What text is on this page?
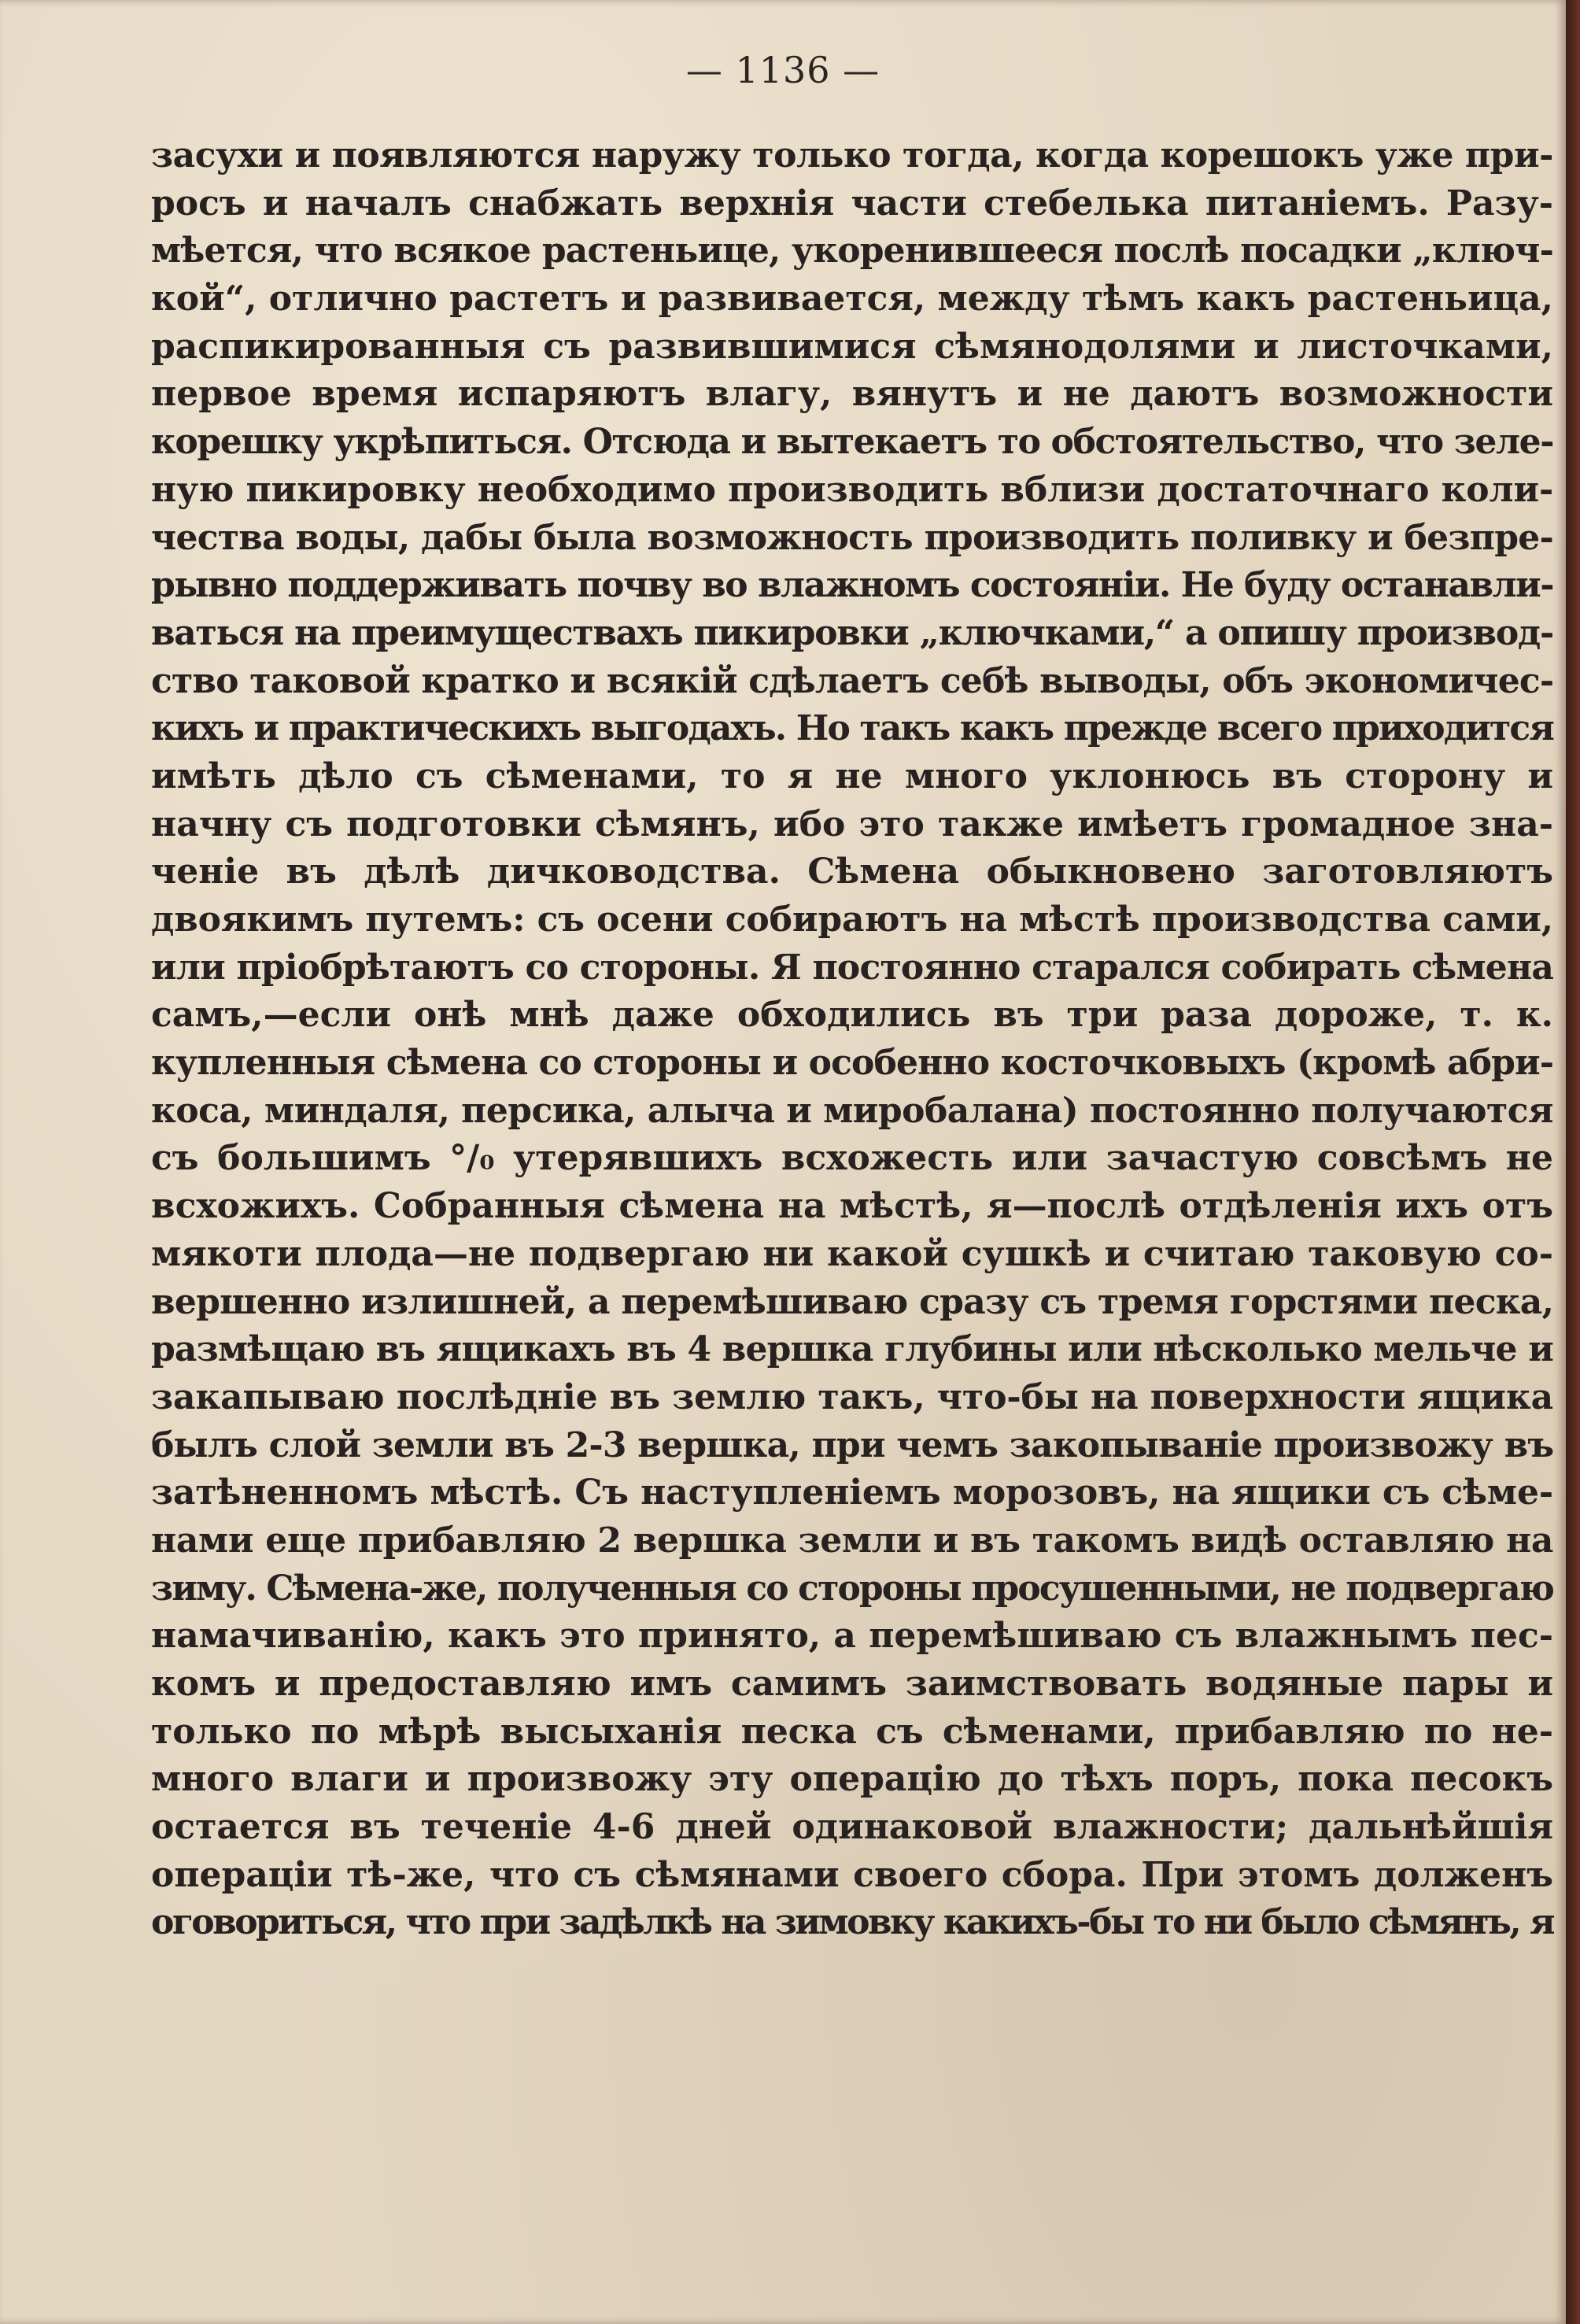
— 1136 —
засухи и появляются наружу только тогда, когда корешокъ уже при-
росъ и началъ снабжать верхнiя части стебелька питанiемъ. Разу-
мѣется, что всякое растеньице, укоренившееся послѣ посадки „ключ-
кой“, отлично растетъ и развивается, между тѣмъ какъ растеньица,
распикированныя съ развившимися сѣмянодолями и листочками,
первое время испаряютъ влагу, вянутъ и не даютъ возможности
корешку укрѣпиться. Отсюда и вытекаетъ то обстоятельство, что зеле-
ную пикировку необходимо производить вблизи достаточнаго коли-
чества воды, дабы была возможность производить поливку и безпре-
рывно поддерживать почву во влажномъ состоянiи. Не буду останавли-
ваться на преимуществахъ пикировки „ключками,“ а опишу производ-
ство таковой кратко и всякiй сдѣлаетъ себѣ выводы, объ экономичес-
кихъ и практическихъ выгодахъ. Но такъ какъ прежде всего приходится
имѣть дѣло съ сѣменами, то я не много уклонюсь въ сторону и
начну съ подготовки сѣмянъ, ибо это также имѣетъ громадное зна-
ченiе въ дѣлѣ дичководства. Сѣмена обыкновено заготовляютъ
двоякимъ путемъ: съ осени собираютъ на мѣстѣ производства сами,
или прiобрѣтаютъ со стороны. Я постоянно старался собирать сѣмена
самъ,—если онѣ мнѣ даже обходились въ три раза дороже, т. к.
купленныя сѣмена со стороны и особенно косточковыхъ (кромѣ абри-
коса, миндаля, персика, алыча и миробалана) постоянно получаются
съ большимъ °/₀ утерявшихъ всхожесть или зачастую совсѣмъ не
всхожихъ. Собранныя сѣмена на мѣстѣ, я—послѣ отдѣленiя ихъ отъ
мякоти плода—не подвергаю ни какой сушкѣ и считаю таковую со-
вершенно излишней, а перемѣшиваю сразу съ тремя горстями песка,
размѣщаю въ ящикахъ въ 4 вершка глубины или нѣсколько мельче и
закапываю послѣднiе въ землю такъ, что-бы на поверхности ящика
былъ слой земли въ 2-3 вершка, при чемъ закопыванiе произвожу въ
затѣненномъ мѣстѣ. Съ наступленiемъ морозовъ, на ящики съ сѣме-
нами еще прибавляю 2 вершка земли и въ такомъ видѣ оставляю на
зиму. Сѣмена-же, полученныя со стороны просушенными, не подвергаю
намачиванiю, какъ это принято, а перемѣшиваю съ влажнымъ пес-
комъ и предоставляю имъ самимъ заимствовать водяные пары и
только по мѣрѣ высыханiя песка съ сѣменами, прибавляю по не-
много влаги и произвожу эту операцiю до тѣхъ поръ, пока песокъ
остается въ теченiе 4-6 дней одинаковой влажности; дальнѣйшiя
операцiи тѣ-же, что съ сѣмянами своего сбора. При этомъ долженъ
оговориться, что при задѣлкѣ на зимовку какихъ-бы то ни было сѣмянъ, я
